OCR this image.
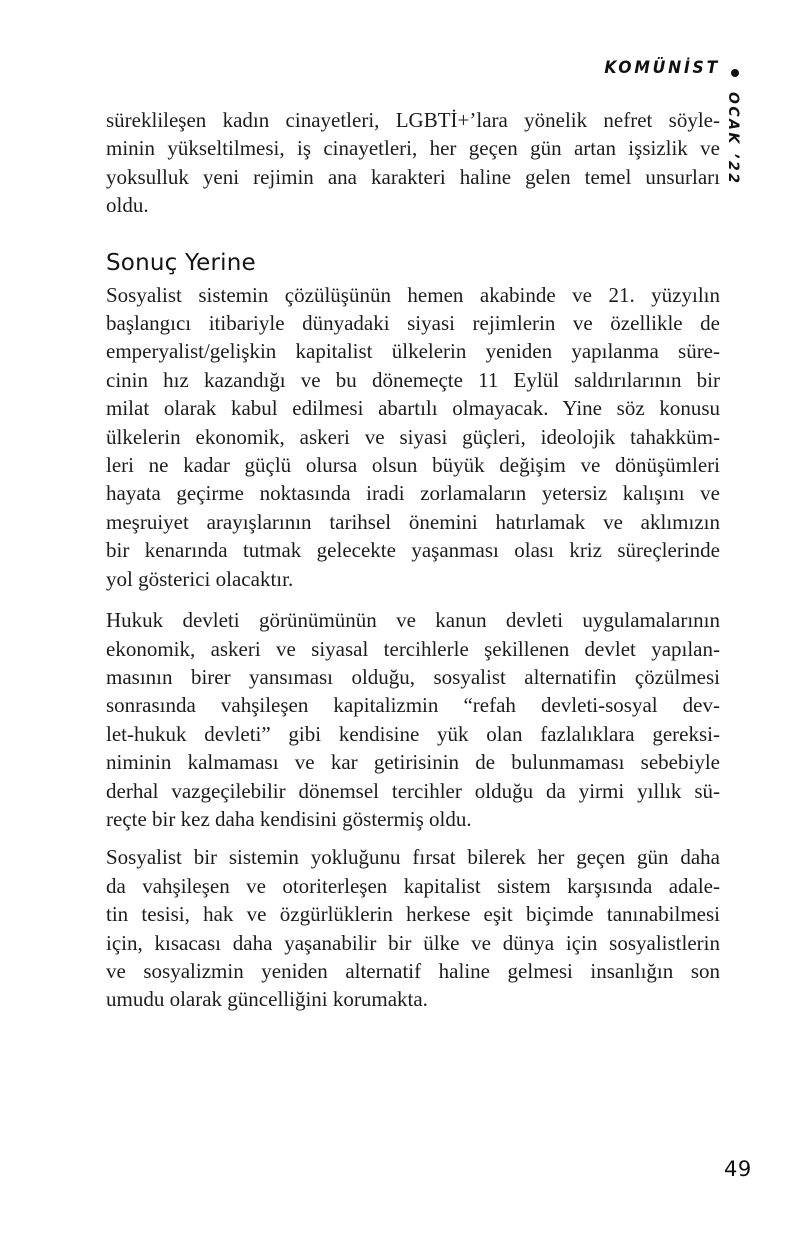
KOMÜNİST
OCAK ’22

süreklileşen kadın cinayetleri, LGBTİ+’lara yönelik nefret söyle-
minin yükseltilmesi, iş cinayetleri, her geçen gün artan işsizlik ve
yoksulluk yeni rejimin ana karakteri haline gelen temel unsurları
oldu.

Sonuç Yerine

Sosyalist sistemin çözülüşünün hemen akabinde ve 21. yüzyılın
başlangıcı itibariyle dünyadaki siyasi rejimlerin ve özellikle de
emperyalist/gelişkin kapitalist ülkelerin yeniden yapılanma süre-
cinin hız kazandığı ve bu dönemeçte 11 Eylül saldırılarının bir
milat olarak kabul edilmesi abartılı olmayacak. Yine söz konusu
ülkelerin ekonomik, askeri ve siyasi güçleri, ideolojik tahakküm-
leri ne kadar güçlü olursa olsun büyük değişim ve dönüşümleri
hayata geçirme noktasında iradi zorlamaların yetersiz kalışını ve
meşruiyet arayışlarının tarihsel önemini hatırlamak ve aklımızın
bir kenarında tutmak gelecekte yaşanması olası kriz süreçlerinde
yol gösterici olacaktır.

Hukuk devleti görünümünün ve kanun devleti uygulamalarının
ekonomik, askeri ve siyasal tercihlerle şekillenen devlet yapılan-
masının birer yansıması olduğu, sosyalist alternatifin çözülmesi
sonrasında vahşileşen kapitalizmin “refah devleti-sosyal dev-
let-hukuk devleti” gibi kendisine yük olan fazlalıklara gereksi-
niminin kalmaması ve kar getirisinin de bulunmaması sebebiyle
derhal vazgeçilebilir dönemsel tercihler olduğu da yirmi yıllık sü-
reçte bir kez daha kendisini göstermiş oldu.

Sosyalist bir sistemin yokluğunu fırsat bilerek her geçen gün daha
da vahşileşen ve otoriterleşen kapitalist sistem karşısında adale-
tin tesisi, hak ve özgürlüklerin herkese eşit biçimde tanınabilmesi
için, kısacası daha yaşanabilir bir ülke ve dünya için sosyalistlerin
ve sosyalizmin yeniden alternatif haline gelmesi insanlığın son
umudu olarak güncelliğini korumakta.

49
